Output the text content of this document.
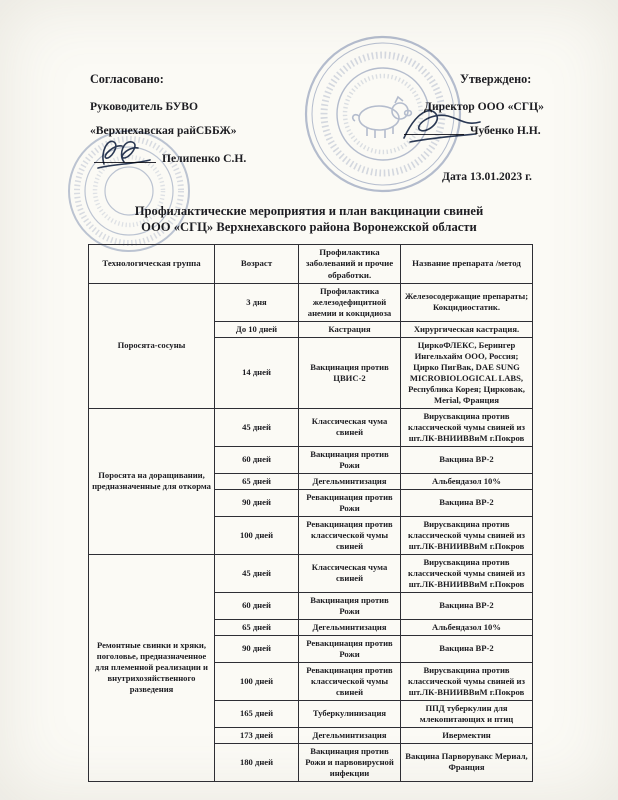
Согласовано:	Утверждено:
Руководитель БУВО
«Верхнехавская райСББЖ»
Директор ООО «СГЦ»
Чубенко Н.Н.
Пелипенко С.Н.
Дата 13.01.2023 г.
Профилактические мероприятия и план вакцинации свиней
ООО «СГЦ» Верхнехавского района Воронежской области
Технологическая группа	Возраст	Профилактика заболеваний и прочие обработки.	Название препарата /метод
Поросята-сосуны	3 дня	Профилактика железодефицитной анемии и кокцидиоза	Железосодержащие препараты; Кокцидиостатик.
	До 10 дней	Кастрация	Хирургическая кастрация.
	14 дней	Вакцинация против ЦВИС-2	ЦиркоФЛЕКС, Берингер Ингельхайм ООО, Россия; Цирко ПигВак, DAE SUNG MICROBIOLOGICAL LABS, Республика Корея; Цирковак, Merial, Франция
Поросята на доращивании, предназначенные для откорма	45 дней	Классическая чума свиней	Вирусвакцина против классической чумы свиней из шт.ЛК-ВНИИВВиМ г.Покров
	60 дней	Вакцинация против Рожи	Вакцина ВР-2
	65 дней	Дегельминтизация	Альбендазол 10%
	90 дней	Ревакцинация против Рожи	Вакцина ВР-2
	100 дней	Ревакцинация против классической чумы свиней	Вирусвакцина против классической чумы свиней из шт.ЛК-ВНИИВВиМ г.Покров
Ремонтные свинки и хряки, поголовье, предназначенное для племенной реализации и внутрихозяйственного разведения	45 дней	Классическая чума свиней	Вирусвакцина против классической чумы свиней из шт.ЛК-ВНИИВВиМ г.Покров
	60 дней	Вакцинация против Рожи	Вакцина ВР-2
	65 дней	Дегельминтизация	Альбендазол 10%
	90 дней	Ревакцинация против Рожи	Вакцина ВР-2
	100 дней	Ревакцинация против классической чумы свиней	Вирусвакцина против классической чумы свиней из шт.ЛК-ВНИИВВиМ г.Покров
	165 дней	Туберкулинизация	ППД туберкулин для млекопитающих и птиц
	173 дней	Дегельминтизация	Ивермектин
	180 дней	Вакцинация против Рожи и парвовирусной инфекции	Вакцина Парворувакс Мериал, Франция
